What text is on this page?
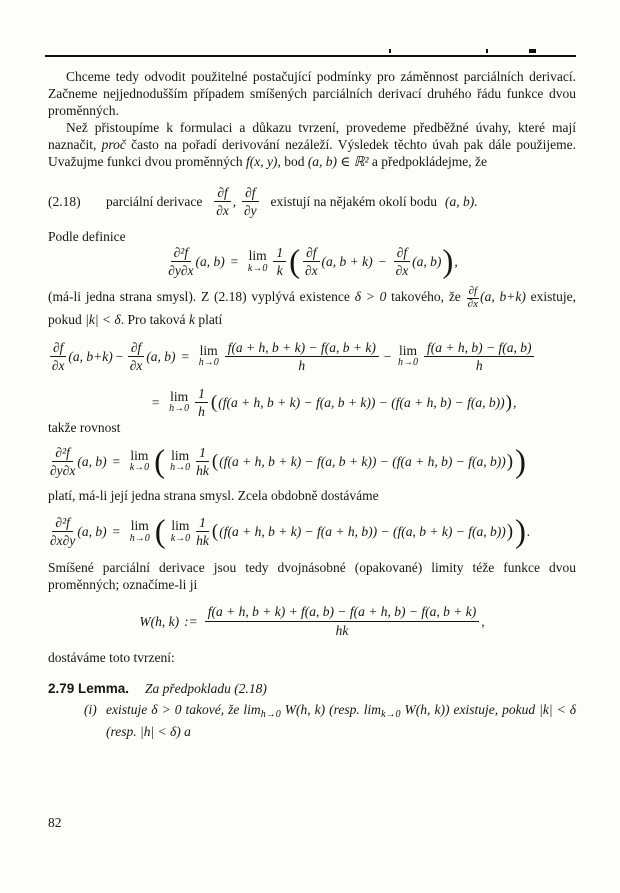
Chceme tedy odvodit použitelné postačující podmínky pro záměnnost parciálních derivací. Začneme nejjednodušším případem smíšených parciálních derivací druhého řádu funkce dvou proměnných.

Než přistoupíme k formulaci a důkazu tvrzení, provedeme předběžné úvahy, které mají naznačit, proč často na pořadí derivování nezáleží. Výsledek těchto úvah pak dále použijeme. Uvažujme funkci dvou proměnných f(x, y), bod (a, b) ∈ ℝ² a předpokládejme, že

(2.18)	parciální derivace $\frac{\partial f}{\partial x}$ , $\frac{\partial f}{\partial y}$ existují na nějakém okolí bodu (a, b).

Podle definice

$\frac{\text{∂²f}}{\partial y\partial x} (a$, b) = lim
$k\to 0 \frac{1}{k}$ ( $\frac{\partial f}{\partial x} (a$, $b + k) - \frac{\partial f}{\partial x} (a$, b) ) ,

(má-li jedna strana smysl). Z (2.18) vyplývá existence δ > 0 takového, že $\frac{\partial f}{\partial x} (a$, b+k) existuje, pokud |k| < δ. Pro taková k platí

$\frac{\partial f}{\partial x} (a$, $b+k) - \frac{\partial f}{\partial x} (a$, b) = lim
$h\to 0 \frac{f(a + h, b + k) - f(a, b + k)}{h} - \lim$
$h\to 0 \frac{f(a + h, b) - f(a, b)}{h}$
= lim
$h\to 0 \frac{1}{h}$ ( (f(a + h, b + k) − f(a, b + k)) − (f(a + h, b) − f(a, b)) ) ,

takže rovnost

$\frac{\text{∂²f}}{\partial y\partial x} (a$, b) = lim
k→0 ( lim
$h\to 0 \frac{1}{hk}$ ( (f(a + h, b + k) − f(a, b + k)) − (f(a + h, b) − f(a, b)) ) )

platí, má-li její jedna strana smysl. Zcela obdobně dostáváme

$\frac{\text{∂²f}}{\partial x\partial y} (a$, b) = lim
h→0 ( lim
$k\to 0 \frac{1}{hk}$ ( (f(a + h, b + k) − f(a + h, b)) − (f(a, b + k) − f(a, b)) ) ) .

Smíšené parciální derivace jsou tedy dvojnásobné (opakované) limity téže funkce dvou proměnných; označíme-li ji

W(h, k) := $\frac{f(a + h, b + k) + f(a, b) - f(a + h, b) - f(a, b + k)}{hk}$ ,

dostáváme toto tvrzení:

2.79 Lemma. Za předpokladu (2.18)

(i) existuje δ > 0 takové, že $\lim_{h\to 0} W(h$, k) (resp. $\lim_{k\to 0} W(h$, k)) existuje, pokud |k| < δ (resp. |h| < δ) a
82
